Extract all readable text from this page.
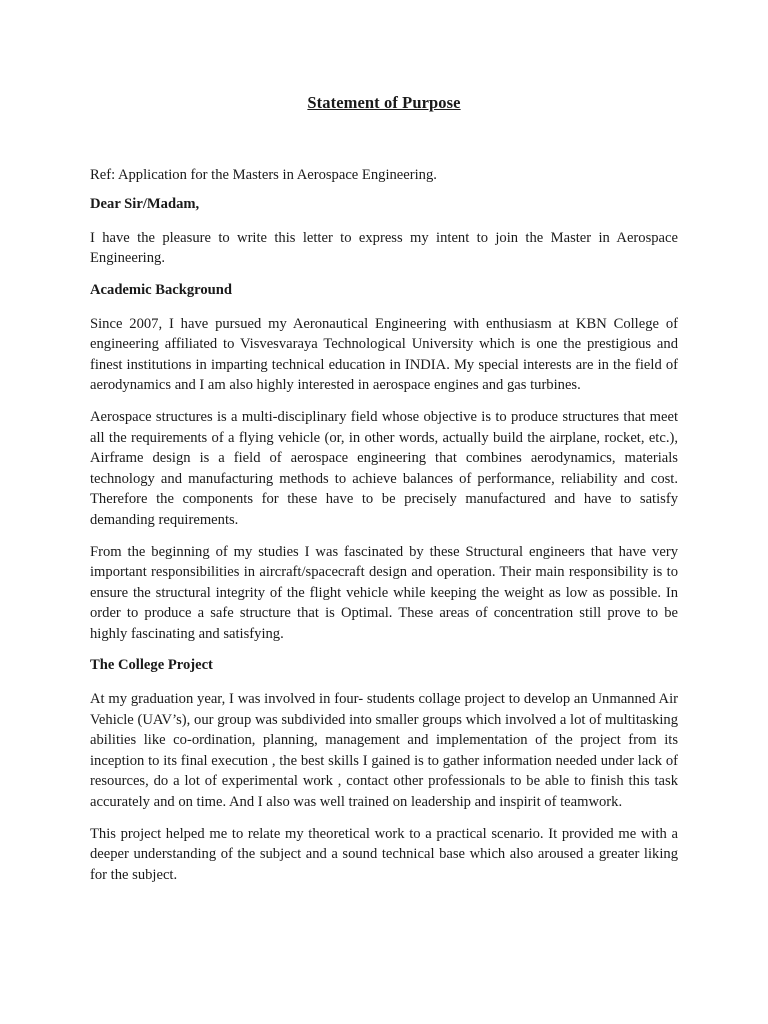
Statement of Purpose
Ref: Application for the Masters in Aerospace Engineering.
Dear Sir/Madam,

I have the pleasure to write this letter to express my intent to join the Master in Aerospace Engineering.

Academic Background

Since 2007, I have pursued my Aeronautical Engineering with enthusiasm at KBN College of engineering affiliated to Visvesvaraya Technological University which is one the prestigious and finest institutions in imparting technical education in INDIA. My special interests are in the field of aerodynamics and I am also highly interested in aerospace engines and gas turbines.

Aerospace structures is a multi-disciplinary field whose objective is to produce structures that meet all the requirements of a flying vehicle (or, in other words, actually build the airplane, rocket, etc.), Airframe design is a field of aerospace engineering that combines aerodynamics, materials technology and manufacturing methods to achieve balances of performance, reliability and cost. Therefore the components for these have to be precisely manufactured and have to satisfy demanding requirements.

From the beginning of my studies I was fascinated by these Structural engineers that have very important responsibilities in aircraft/spacecraft design and operation. Their main responsibility is to ensure the structural integrity of the flight vehicle while keeping the weight as low as possible. In order to produce a safe structure that is Optimal. These areas of concentration still prove to be highly fascinating and satisfying.

The College Project

At my graduation year, I was involved in four- students collage project to develop an Unmanned Air Vehicle (UAV’s), our group was subdivided into smaller groups which involved a lot of multitasking abilities like co-ordination, planning, management and implementation of the project from its inception to its final execution , the best skills I gained is to gather information needed under lack of resources, do a lot of experimental work , contact other professionals to be able to finish this task accurately and on time. And I also was well trained on leadership and inspirit of teamwork.

This project helped me to relate my theoretical work to a practical scenario. It provided me with a deeper understanding of the subject and a sound technical base which also aroused a greater liking for the subject.
